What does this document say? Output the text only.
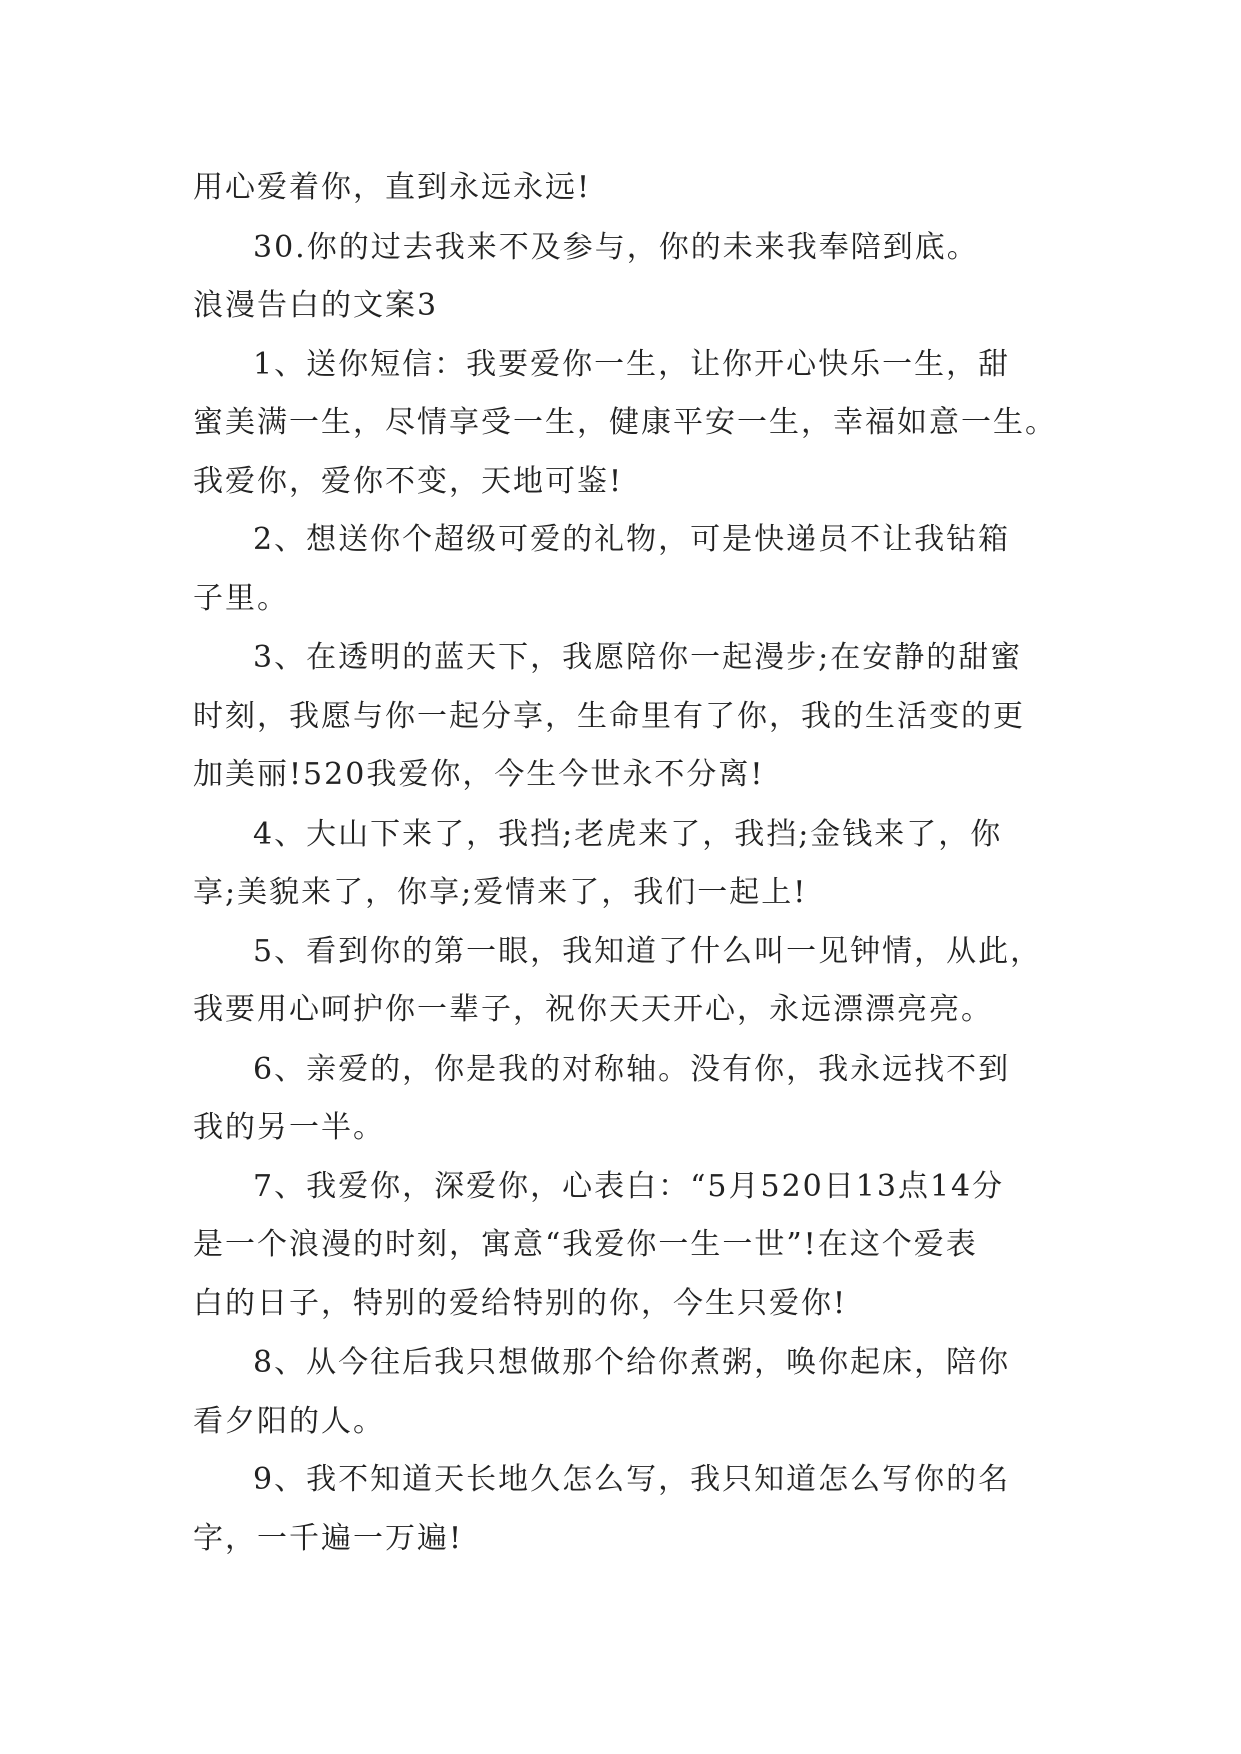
用心爱着你，直到永远永远!
30.你的过去我来不及参与，你的未来我奉陪到底。
浪漫告白的文案3
1、送你短信：我要爱你一生，让你开心快乐一生，甜
蜜美满一生，尽情享受一生，健康平安一生，幸福如意一生。
我爱你，爱你不变，天地可鉴!
2、想送你个超级可爱的礼物，可是快递员不让我钻箱
子里。
3、在透明的蓝天下，我愿陪你一起漫步;在安静的甜蜜
时刻，我愿与你一起分享，生命里有了你，我的生活变的更
加美丽!520我爱你，今生今世永不分离!
4、大山下来了，我挡;老虎来了，我挡;金钱来了，你
享;美貌来了，你享;爱情来了，我们一起上!
5、看到你的第一眼，我知道了什么叫一见钟情，从此，
我要用心呵护你一辈子，祝你天天开心，永远漂漂亮亮。
6、亲爱的，你是我的对称轴。没有你，我永远找不到
我的另一半。
7、我爱你，深爱你，心表白：“5月520日13点14分
是一个浪漫的时刻，寓意“我爱你一生一世”!在这个爱表
白的日子，特别的爱给特别的你，今生只爱你!
8、从今往后我只想做那个给你煮粥，唤你起床，陪你
看夕阳的人。
9、我不知道天长地久怎么写，我只知道怎么写你的名
字，一千遍一万遍!
